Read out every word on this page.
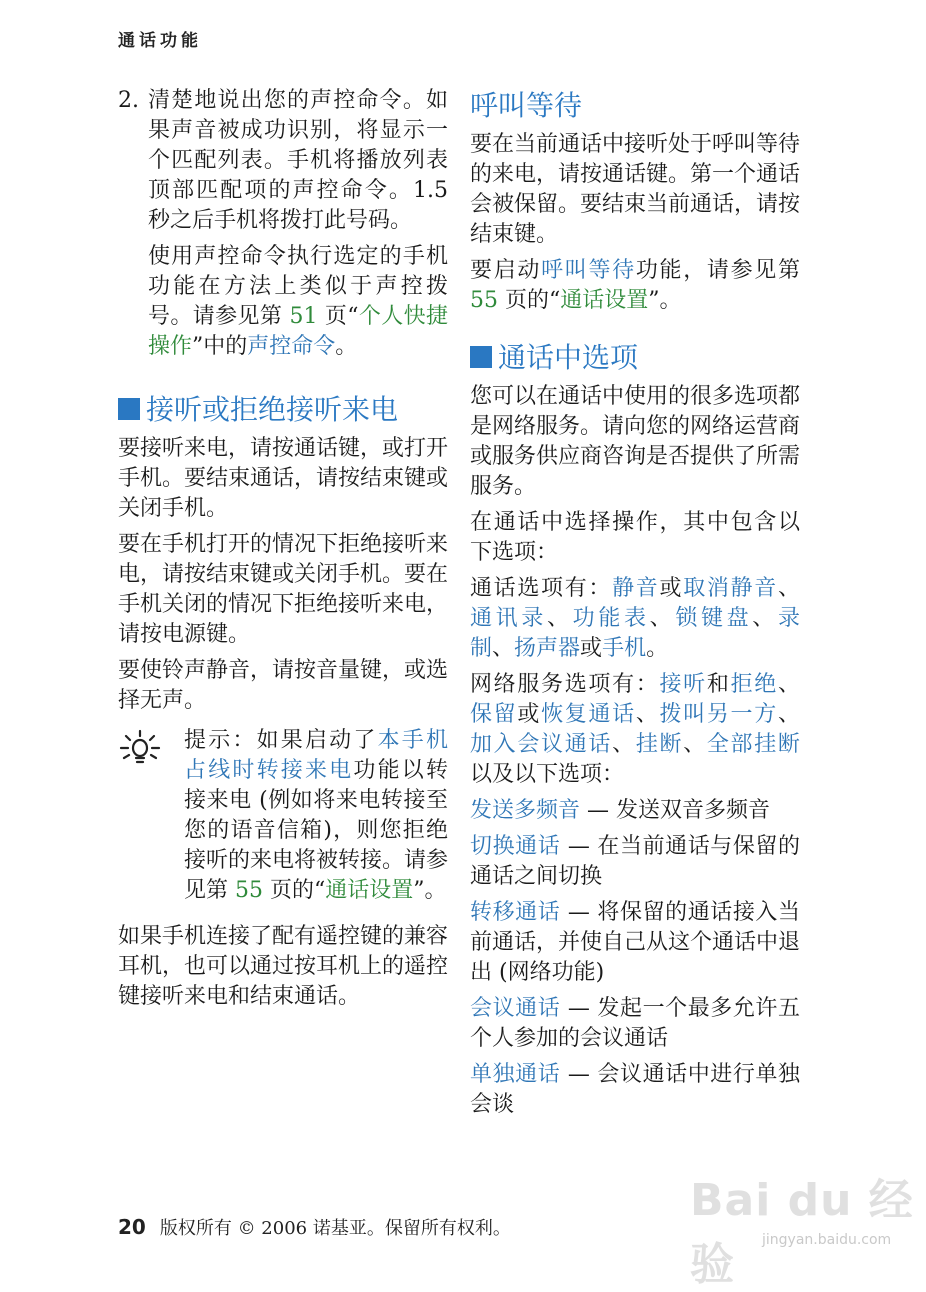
通话功能

2. 清楚地说出您的声控命令。如果声音被成功识别，将显示一个匹配列表。手机将播放列表顶部匹配项的声控命令。1.5 秒之后手机将拨打此号码。

使用声控命令执行选定的手机功能在方法上类似于声控拨号。请参见第 51 页“个人快捷操作”中的声控命令。

接听或拒绝接听来电

要接听来电，请按通话键，或打开手机。要结束通话，请按结束键或关闭手机。

要在手机打开的情况下拒绝接听来电，请按结束键或关闭手机。要在手机关闭的情况下拒绝接听来电，请按电源键。

要使铃声静音，请按音量键，或选择无声。

提示：如果启动了本手机占线时转接来电功能以转接来电 (例如将来电转接至您的语音信箱)，则您拒绝接听的来电将被转接。请参见第 55 页的“通话设置”。

如果手机连接了配有遥控键的兼容耳机，也可以通过按耳机上的遥控键接听来电和结束通话。

呼叫等待

要在当前通话中接听处于呼叫等待的来电，请按通话键。第一个通话会被保留。要结束当前通话，请按结束键。

要启动呼叫等待功能，请参见第 55 页的“通话设置”。

通话中选项

您可以在通话中使用的很多选项都是网络服务。请向您的网络运营商或服务供应商咨询是否提供了所需服务。

在通话中选择操作，其中包含以下选项：

通话选项有：静音或取消静音、通讯录、功能表、锁键盘、录制、扬声器或手机。

网络服务选项有：接听和拒绝、保留或恢复通话、拨叫另一方、加入会议通话、挂断、全部挂断以及以下选项：

发送多频音 — 发送双音多频音

切换通话 — 在当前通话与保留的通话之间切换

转移通话 — 将保留的通话接入当前通话，并使自己从这个通话中退出 (网络功能)

会议通话 — 发起一个最多允许五个人参加的会议通话

单独通话 — 会议通话中进行单独会谈

Bai du 经验	jingyan.baidu.com
20 版权所有 © 2006 诺基亚。保留所有权利。
